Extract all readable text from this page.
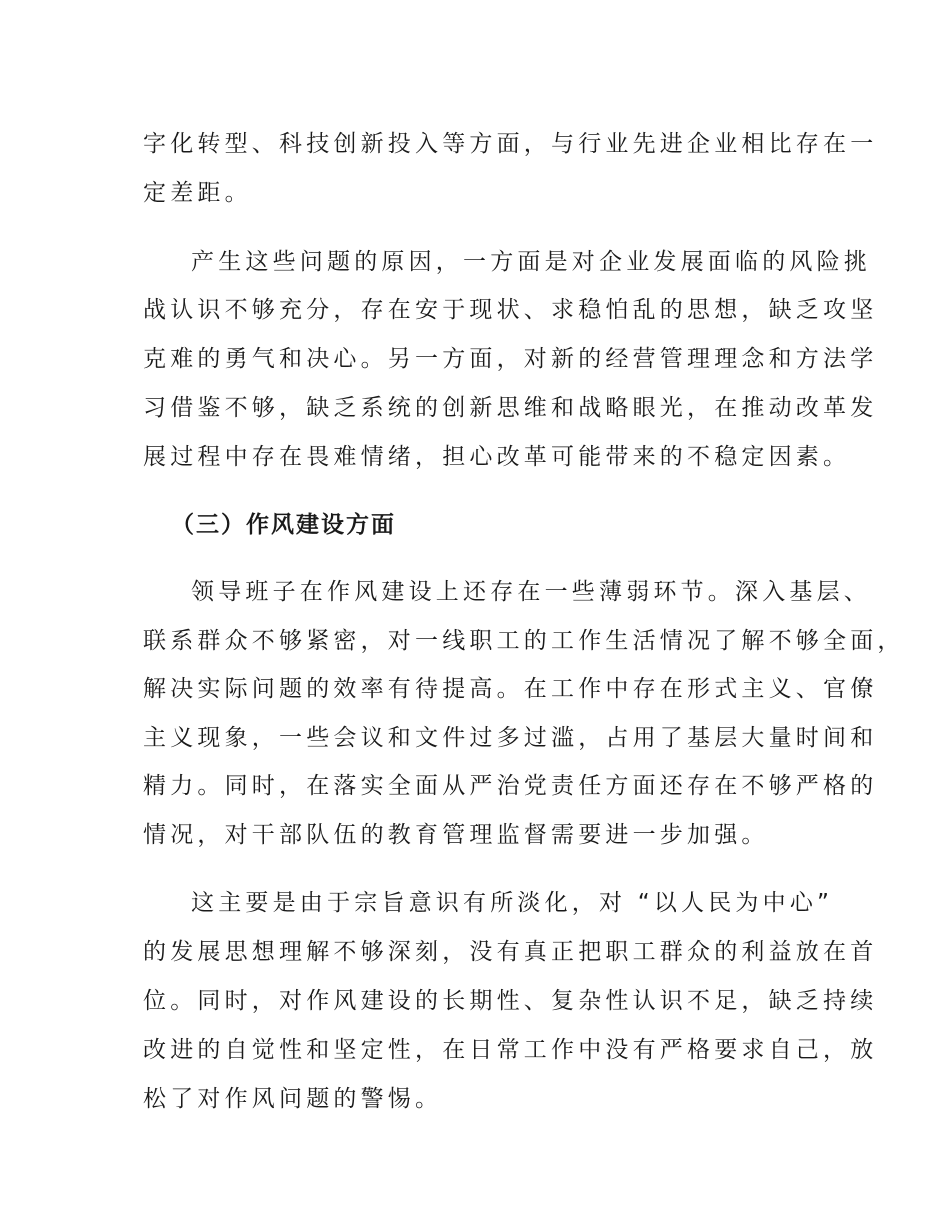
字化转型、科技创新投入等方面，与行业先进企业相比存在一
定差距。
产生这些问题的原因，一方面是对企业发展面临的风险挑
战认识不够充分，存在安于现状、求稳怕乱的思想，缺乏攻坚
克难的勇气和决心。另一方面，对新的经营管理理念和方法学
习借鉴不够，缺乏系统的创新思维和战略眼光，在推动改革发
展过程中存在畏难情绪，担心改革可能带来的不稳定因素。
（三）作风建设方面
领导班子在作风建设上还存在一些薄弱环节。深入基层、
联系群众不够紧密，对一线职工的工作生活情况了解不够全面，
解决实际问题的效率有待提高。在工作中存在形式主义、官僚
主义现象，一些会议和文件过多过滥，占用了基层大量时间和
精力。同时，在落实全面从严治党责任方面还存在不够严格的
情况，对干部队伍的教育管理监督需要进一步加强。
这主要是由于宗旨意识有所淡化，对 “以人民为中心”
的发展思想理解不够深刻，没有真正把职工群众的利益放在首
位。同时，对作风建设的长期性、复杂性认识不足，缺乏持续
改进的自觉性和坚定性，在日常工作中没有严格要求自己，放
松了对作风问题的警惕。
